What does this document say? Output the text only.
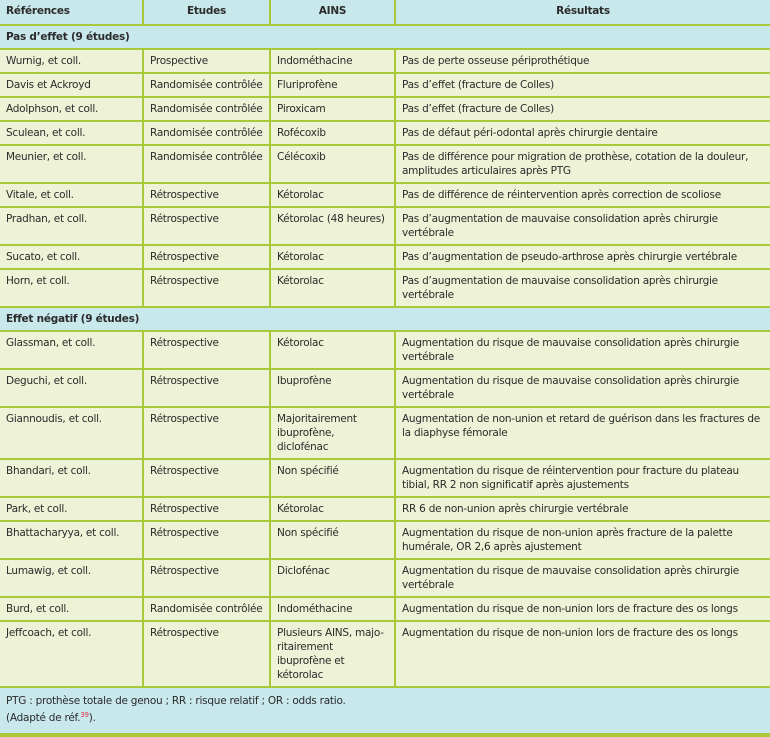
Références	Etudes	AINS	Résultats
Pas d’effet (9 études)			
Wurnig, et coll.	Prospective	Indométhacine	Pas de perte osseuse périprothétique
Davis et Ackroyd	Randomisée contrôlée	Fluriprofène	Pas d’effet (fracture de Colles)
Adolphson, et coll.	Randomisée contrôlée	Piroxicam	Pas d’effet (fracture de Colles)
Sculean, et coll.	Randomisée contrôlée	Rofécoxib	Pas de défaut péri-odontal après chirurgie dentaire
Meunier, et coll.	Randomisée contrôlée	Célécoxib	Pas de différence pour migration de prothèse, cotation de la douleur, amplitudes articulaires après PTG
Vitale, et coll.	Rétrospective	Kétorolac	Pas de différence de réintervention après correction de scoliose
Pradhan, et coll.	Rétrospective	Kétorolac (48 heures)	Pas d’augmentation de mauvaise consolidation après chirurgie vertébrale
Sucato, et coll.	Rétrospective	Kétorolac	Pas d’augmentation de pseudo-arthrose après chirurgie vertébrale
Horn, et coll.	Rétrospective	Kétorolac	Pas d’augmentation de mauvaise consolidation après chirurgie vertébrale
Effet négatif (9 études)			
Glassman, et coll.	Rétrospective	Kétorolac	Augmentation du risque de mauvaise consolidation après chirurgie vertébrale
Deguchi, et coll.	Rétrospective	Ibuprofène	Augmentation du risque de mauvaise consolidation après chirurgie vertébrale
Giannoudis, et coll.	Rétrospective	Majoritairement ibuprofène, diclofénac	Augmentation de non-union et retard de guérison dans les fractures de la diaphyse fémorale
Bhandari, et coll.	Rétrospective	Non spécifié	Augmentation du risque de réintervention pour fracture du plateau tibial, RR 2 non significatif après ajustements
Park, et coll.	Rétrospective	Kétorolac	RR 6 de non-union après chirurgie vertébrale
Bhattacharyya, et coll.	Rétrospective	Non spécifié	Augmentation du risque de non-union après fracture de la palette humérale, OR 2,6 après ajustement
Lumawig, et coll.	Rétrospective	Diclofénac	Augmentation du risque de mauvaise consolidation après chirurgie vertébrale
Burd, et coll.	Randomisée contrôlée	Indométhacine	Augmentation du risque de non-union lors de fracture des os longs
Jeffcoach, et coll.	Rétrospective	Plusieurs AINS, majo-ritairement ibuprofène et kétorolac	Augmentation du risque de non-union lors de fracture des os longs

PTG : prothèse totale de genou ; RR : risque relatif ; OR : odds ratio.
(Adapté de réf.$^{39}$).			
